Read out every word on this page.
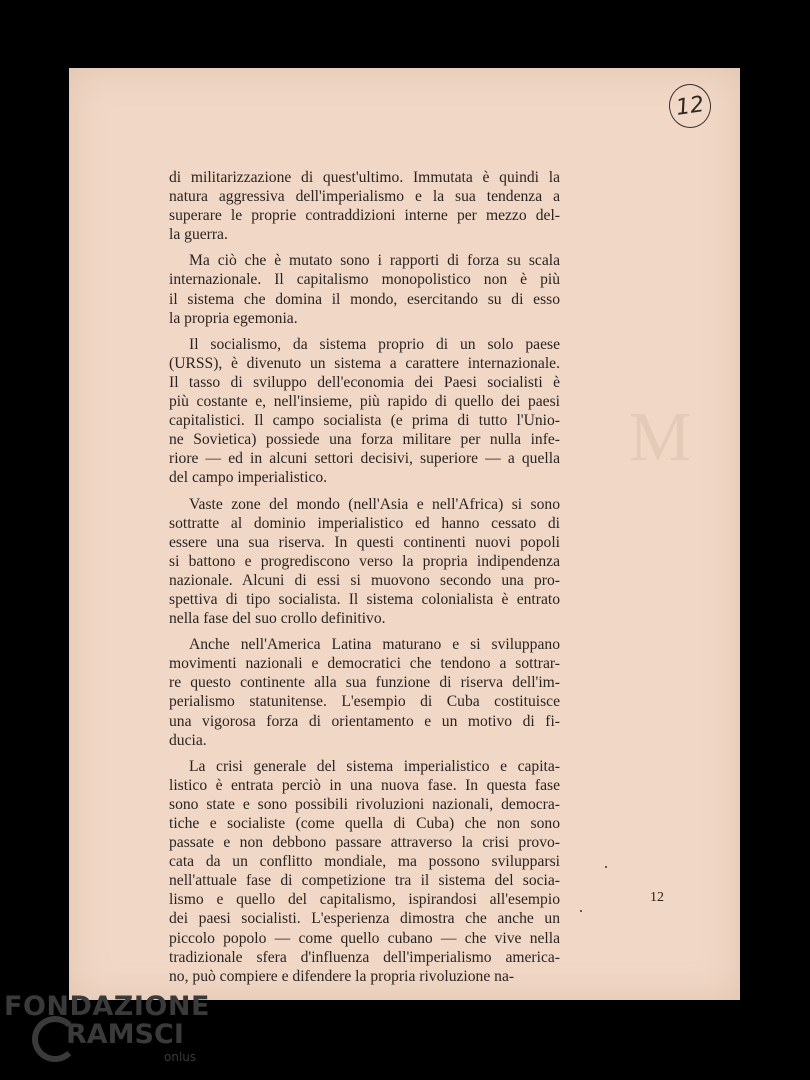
M
12

di militarizzazione di quest'ultimo. Immutata è quindi la
natura aggressiva dell'imperialismo e la sua tendenza a
superare le proprie contraddizioni interne per mezzo del-
la guerra.

Ma ciò che è mutato sono i rapporti di forza su scala
internazionale. Il capitalismo monopolistico non è più
il sistema che domina il mondo, esercitando su di esso
la propria egemonia.

Il socialismo, da sistema proprio di un solo paese
(URSS), è divenuto un sistema a carattere internazionale.
Il tasso di sviluppo dell'economia dei Paesi socialisti è
più costante e, nell'insieme, più rapido di quello dei paesi
capitalistici. Il campo socialista (e prima di tutto l'Unio-
ne Sovietica) possiede una forza militare per nulla infe-
riore — ed in alcuni settori decisivi, superiore — a quella
del campo imperialistico.

Vaste zone del mondo (nell'Asia e nell'Africa) si sono
sottratte al dominio imperialistico ed hanno cessato di
essere una sua riserva. In questi continenti nuovi popoli
si battono e progrediscono verso la propria indipendenza
nazionale. Alcuni di essi si muovono secondo una pro-
spettiva di tipo socialista. Il sistema colonialista è entrato
nella fase del suo crollo definitivo.

Anche nell'America Latina maturano e si sviluppano
movimenti nazionali e democratici che tendono a sottrar-
re questo continente alla sua funzione di riserva dell'im-
perialismo statunitense. L'esempio di Cuba costituisce
una vigorosa forza di orientamento e un motivo di fi-
ducia.

La crisi generale del sistema imperialistico e capita-
listico è entrata perciò in una nuova fase. In questa fase
sono state e sono possibili rivoluzioni nazionali, democra-
tiche e socialiste (come quella di Cuba) che non sono
passate e non debbono passare attraverso la crisi provo-
cata da un conflitto mondiale, ma possono svilupparsi
nell'attuale fase di competizione tra il sistema del socia-
lismo e quello del capitalismo, ispirandosi all'esempio
dei paesi socialisti. L'esperienza dimostra che anche un
piccolo popolo — come quello cubano — che vive nella
tradizionale sfera d'influenza dell'imperialismo america-
no, può compiere e difendere la propria rivoluzione na-

12
FONDAZIONE
RAMSCI
onlus
